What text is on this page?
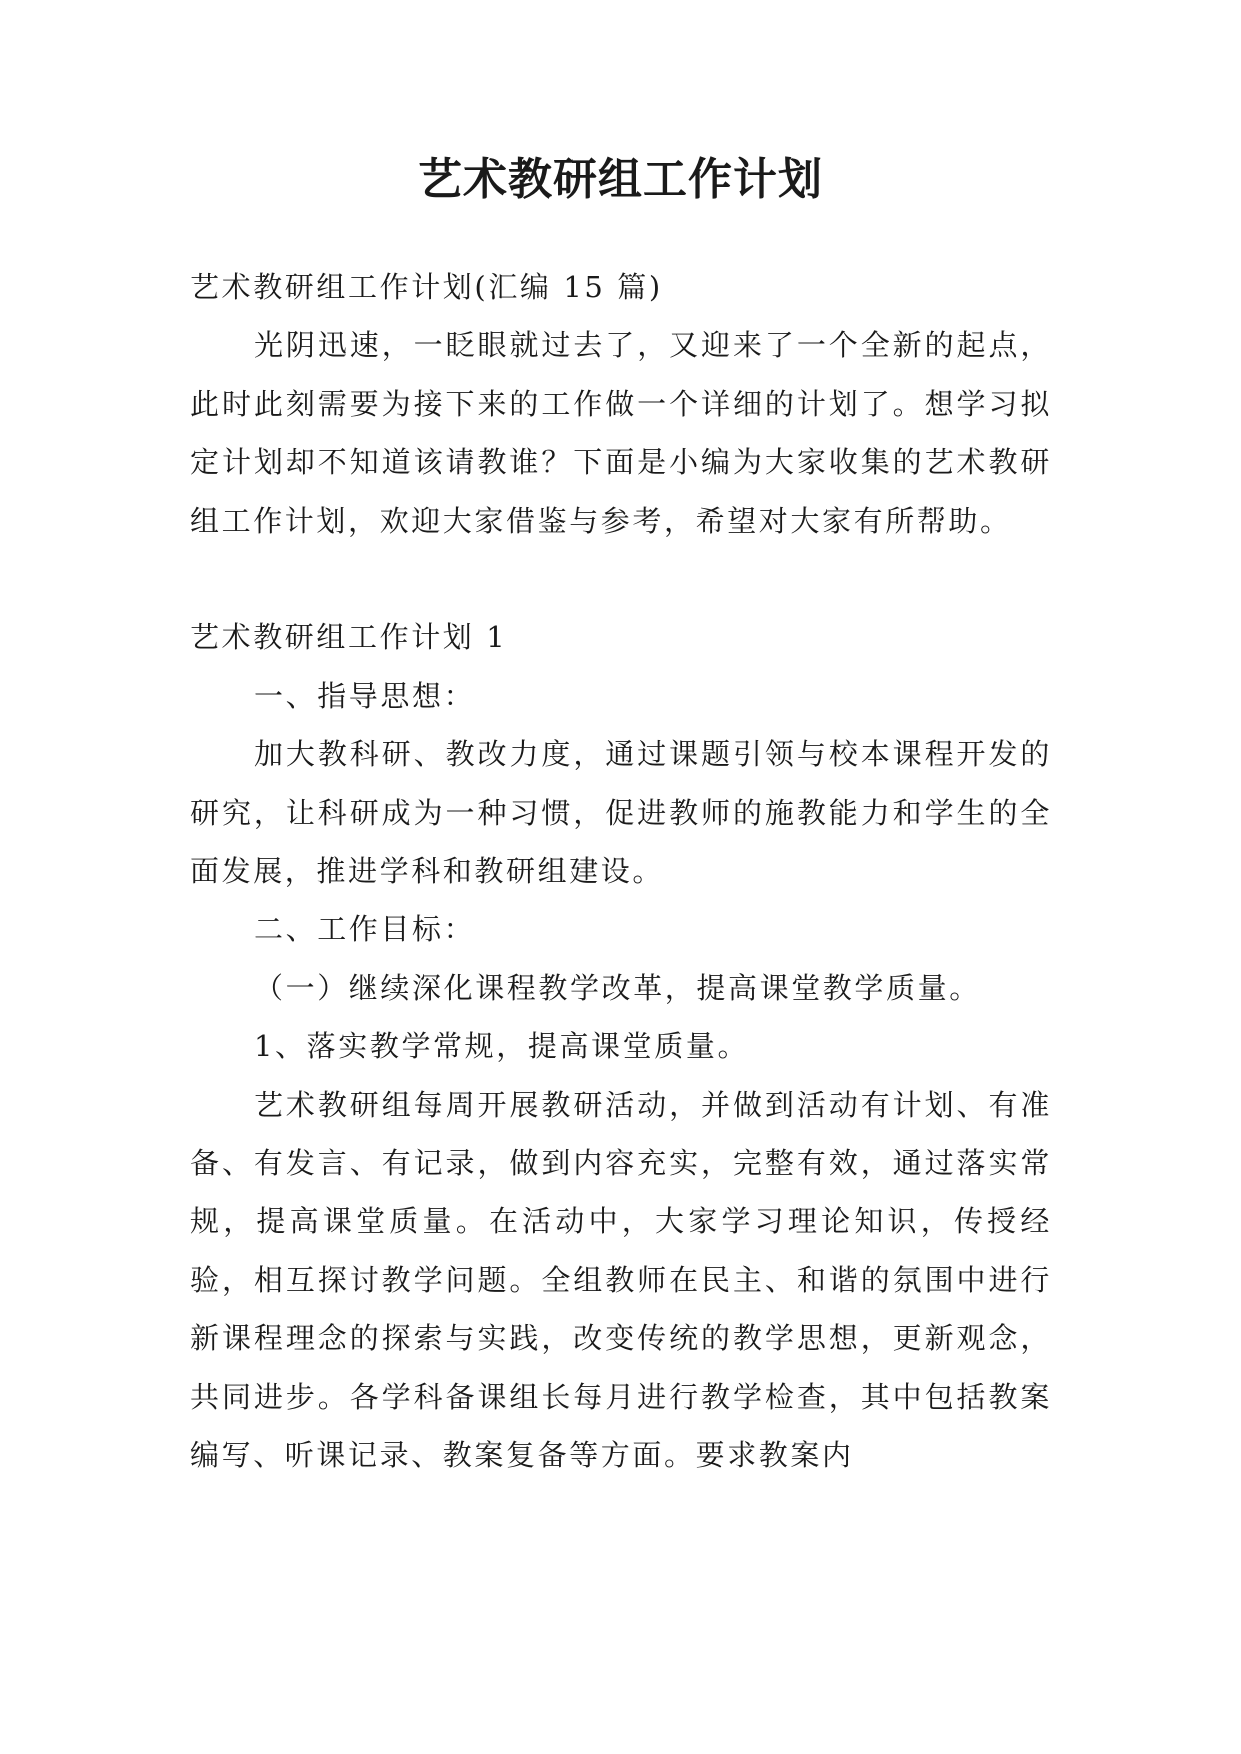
艺术教研组工作计划

艺术教研组工作计划(汇编 15 篇)

光阴迅速，一眨眼就过去了，又迎来了一个全新的起点，此时此刻需要为接下来的工作做一个详细的计划了。想学习拟定计划却不知道该请教谁？下面是小编为大家收集的艺术教研组工作计划，欢迎大家借鉴与参考，希望对大家有所帮助。

艺术教研组工作计划 1

一、指导思想：

加大教科研、教改力度，通过课题引领与校本课程开发的研究，让科研成为一种习惯，促进教师的施教能力和学生的全面发展，推进学科和教研组建设。

二、工作目标：

（一）继续深化课程教学改革，提高课堂教学质量。

1、落实教学常规，提高课堂质量。

艺术教研组每周开展教研活动，并做到活动有计划、有准备、有发言、有记录，做到内容充实，完整有效，通过落实常规，提高课堂质量。在活动中，大家学习理论知识，传授经验，相互探讨教学问题。全组教师在民主、和谐的氛围中进行新课程理念的探索与实践，改变传统的教学思想，更新观念，共同进步。各学科备课组长每月进行教学检查，其中包括教案编写、听课记录、教案复备等方面。要求教案内
